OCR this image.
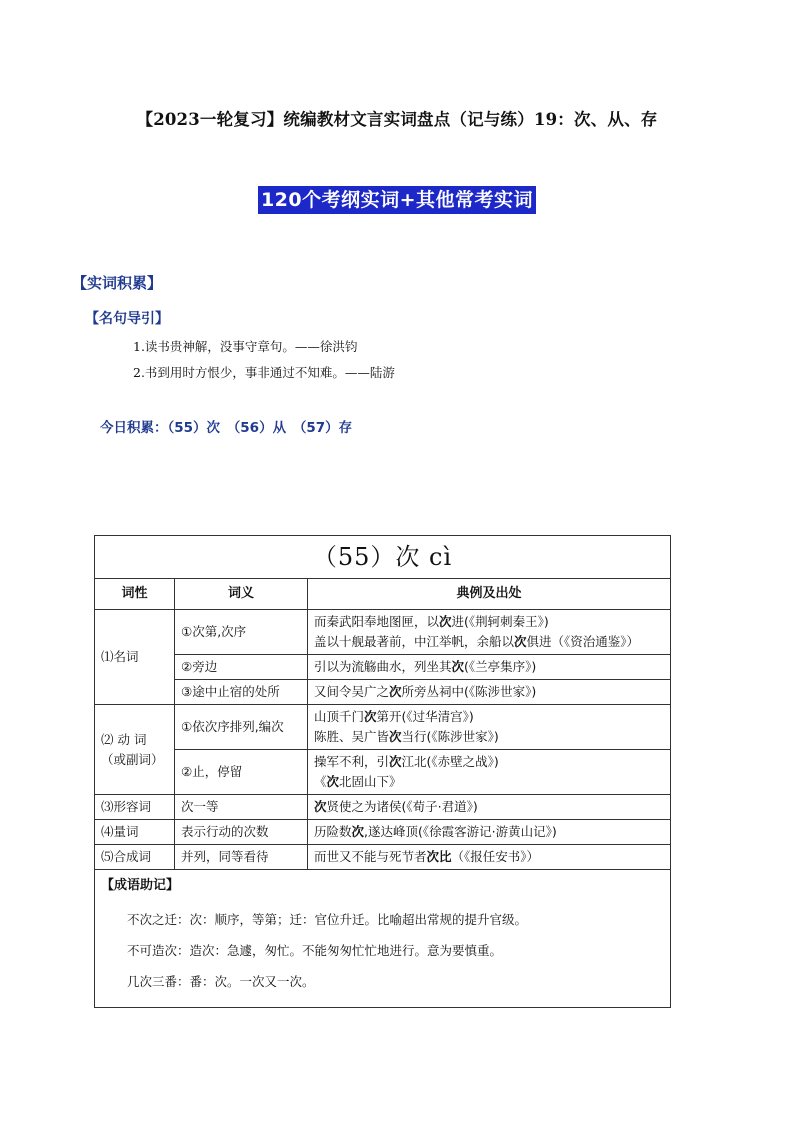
【2023一轮复习】统编教材文言实词盘点（记与练）19：次、从、存
120个考纲实词+其他常考实词
【实词积累】
【名句导引】
1.读书贵神解，没事守章句。——徐洪钧
2.书到用时方恨少，事非通过不知难。——陆游
今日积累：（55）次　（56）从　（57）存
（55）次 cì		
词性	词义	典例及出处
⑴名词	①次第,次序	而秦武阳奉地图匣，以次进(《荆轲刺秦王》)
盖以十舰最著前，中江举帆，余船以次俱进（《资治通鉴》）

	②旁边	引以为流觞曲水，列坐其次(《兰亭集序》)
	③途中止宿的处所	又间令吴广之次所旁丛祠中(《陈涉世家》)
⑵ 动 词（或副词）	①依次序排列,编次	山顶千门次第开(《过华清宫》)
陈胜、吴广皆次当行(《陈涉世家》)

	②止，停留	操军不利，引次江北(《赤壁之战》)
《次北固山下》

⑶形容词	次一等	次贤使之为诸侯(《荀子·君道》)
⑷量词	表示行动的次数	历险数次,遂达峰顶(《徐霞客游记·游黄山记》)
⑸合成词	并列，同等看待	而世又不能与死节者次比（《报任安书》）

【成语助记】
不次之迁：次：顺序，等第；迁：官位升迁。比喻超出常规的提升官级。
不可造次：造次：急遽，匆忙。不能匆匆忙忙地进行。意为要慎重。
几次三番：番：次。一次又一次。		
